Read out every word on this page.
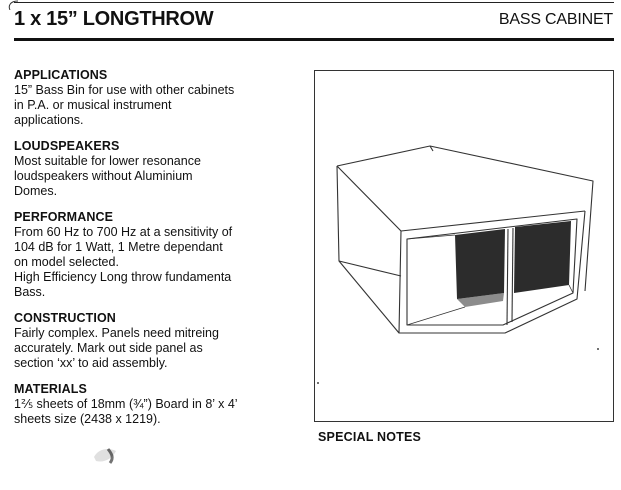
1 x 15” LONGTHROW	BASS CABINET
APPLICATIONS

15” Bass Bin for use with other cabinets
in P.A. or musical instrument
applications.

LOUDSPEAKERS

Most suitable for lower resonance
loudspeakers without Aluminium
Domes.

PERFORMANCE

From 60 Hz to 700 Hz at a sensitivity of
104 dB for 1 Watt, 1 Metre dependant
on model selected.
High Efficiency Long throw fundamenta
Bass.

CONSTRUCTION

Fairly complex. Panels need mitreing
accurately. Mark out side panel as
section ‘xx’ to aid assembly.

MATERIALS

1⅖ sheets of 18mm (¾”) Board in 8’ x 4’
sheets size (2438 x 1219).

SPECIAL NOTES
